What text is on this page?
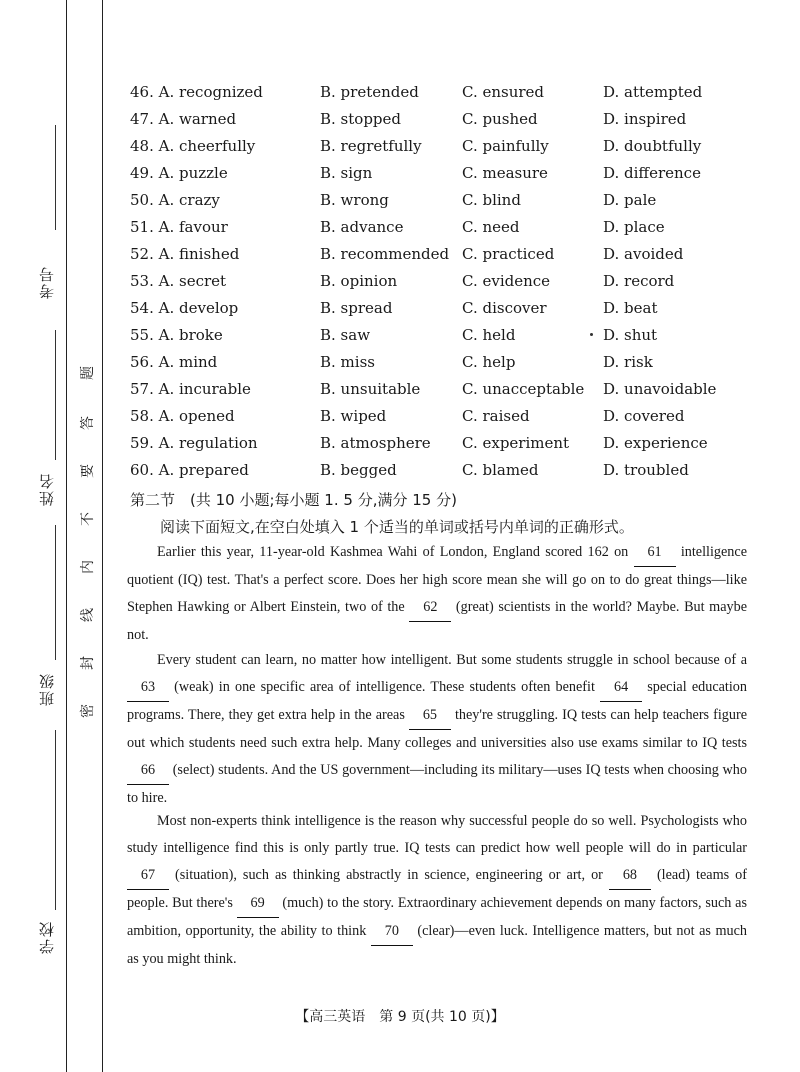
考号
姓名
班级
学校
题
答
要
不
内
线
封
密
46. A. recognized	B. pretended	C. ensured	D. attempted
47. A. warned	B. stopped	C. pushed	D. inspired
48. A. cheerfully	B. regretfully	C. painfully	D. doubtfully
49. A. puzzle	B. sign	C. measure	D. difference
50. A. crazy	B. wrong	C. blind	D. pale
51. A. favour	B. advance	C. need	D. place
52. A. finished	B. recommended C. practiced	D. avoided
53. A. secret	B. opinion	C. evidence	D. record
54. A. develop	B. spread	C. discover	D. beat
55. A. broke	B. saw	C. held	D. shut
56. A. mind	B. miss	C. help	D. risk
57. A. incurable	B. unsuitable	C. unacceptable D. unavoidable
58. A. opened	B. wiped	C. raised	D. covered
59. A. regulation	B. atmosphere C. experiment D. experience
60. A. prepared	B. begged	C. blamed	D. troubled
第二节　(共 10 小题;每小题 1. 5 分,满分 15 分)
阅读下面短文,在空白处填入 1 个适当的单词或括号内单词的正确形式。

Earlier this year, 11-year-old Kashmea Wahi of London, England scored 162 on 61 intelligence quotient (IQ) test. That's a perfect score. Does her high score mean she will go on to do great things—like Stephen Hawking or Albert Einstein, two of the 62 (great) scientists in the world? Maybe. But maybe not.

Every student can learn, no matter how intelligent. But some students struggle in school because of a 63 (weak) in one specific area of intelligence. These students often benefit 64 special education programs. There, they get extra help in the areas 65 they're struggling. IQ tests can help teachers figure out which students need such extra help. Many colleges and universities also use exams similar to IQ tests 66 (select) students. And the US government—including its military—uses IQ tests when choosing who to hire.

Most non-experts think intelligence is the reason why successful people do so well. Psychologists who study intelligence find this is only partly true. IQ tests can predict how well people will do in particular 67 (situation), such as thinking abstractly in science, engineering or art, or 68 (lead) teams of people. But there's 69 (much) to the story. Extraordinary achievement depends on many factors, such as ambition, opportunity, the ability to think 70 (clear)—even luck. Intelligence matters, but not as much as you might think.

【高三英语　第 9 页(共 10 页)】
